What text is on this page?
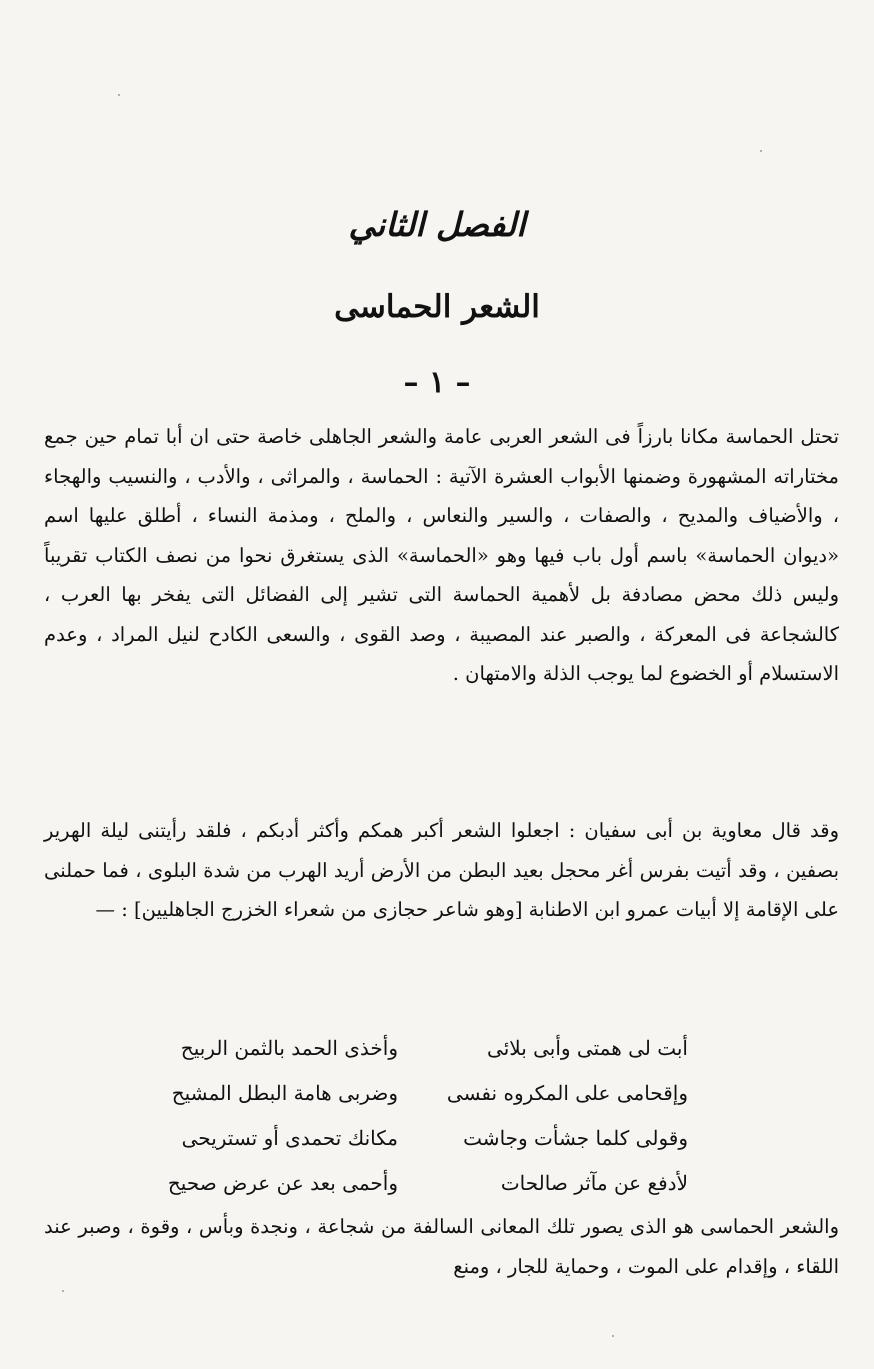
الفصل الثاني
الشعر الحماسى
– ١ –

تحتل الحماسة مكانا بارزاً فى الشعر العربى عامة والشعر الجاهلى خاصة حتى ان أبا تمام حين جمع مختاراته المشهورة وضمنها الأبواب العشرة الآتية : الحماسة ، والمراثى ، والأدب ، والنسيب والهجاء ، والأضياف والمديح ، والصفات ، والسير والنعاس ، والملح ، ومذمة النساء ، أطلق عليها اسم «ديوان الحماسة» باسم أول باب فيها وهو «الحماسة» الذى يستغرق نحوا من نصف الكتاب تقريباً وليس ذلك محض مصادفة بل لأهمية الحماسة التى تشير إلى الفضائل التى يفخر بها العرب ، كالشجاعة فى المعركة ، والصبر عند المصيبة ، وصد القوى ، والسعى الكادح لنيل المراد ، وعدم الاستسلام أو الخضوع لما يوجب الذلة والامتهان .

وقد قال معاوية بن أبى سفيان : اجعلوا الشعر أكبر همكم وأكثر أدبكم ، فلقد رأيتنى ليلة الهرير بصفين ، وقد أتيت بفرس أغر محجل بعيد البطن من الأرض أريد الهرب من شدة البلوى ، فما حملنى على الإقامة إلا أبيات عمرو ابن الاطنابة [وهو شاعر حجازى من شعراء الخزرج الجاهليين] : —

أبت لى همتى وأبى بلائى
وأخذى الحمد بالثمن الربيح
وإقحامى على المكروه نفسى
وضربى هامة البطل المشيح
وقولى كلما جشأت وجاشت
مكانك تحمدى أو تستريحى
لأدفع عن مآثر صالحات
وأحمى بعد عن عرض صحيح

والشعر الحماسى هو الذى يصور تلك المعانى السالفة من شجاعة ، ونجدة وبأس ، وقوة ، وصبر عند اللقاء ، وإقدام على الموت ، وحماية للجار ، ومنع
